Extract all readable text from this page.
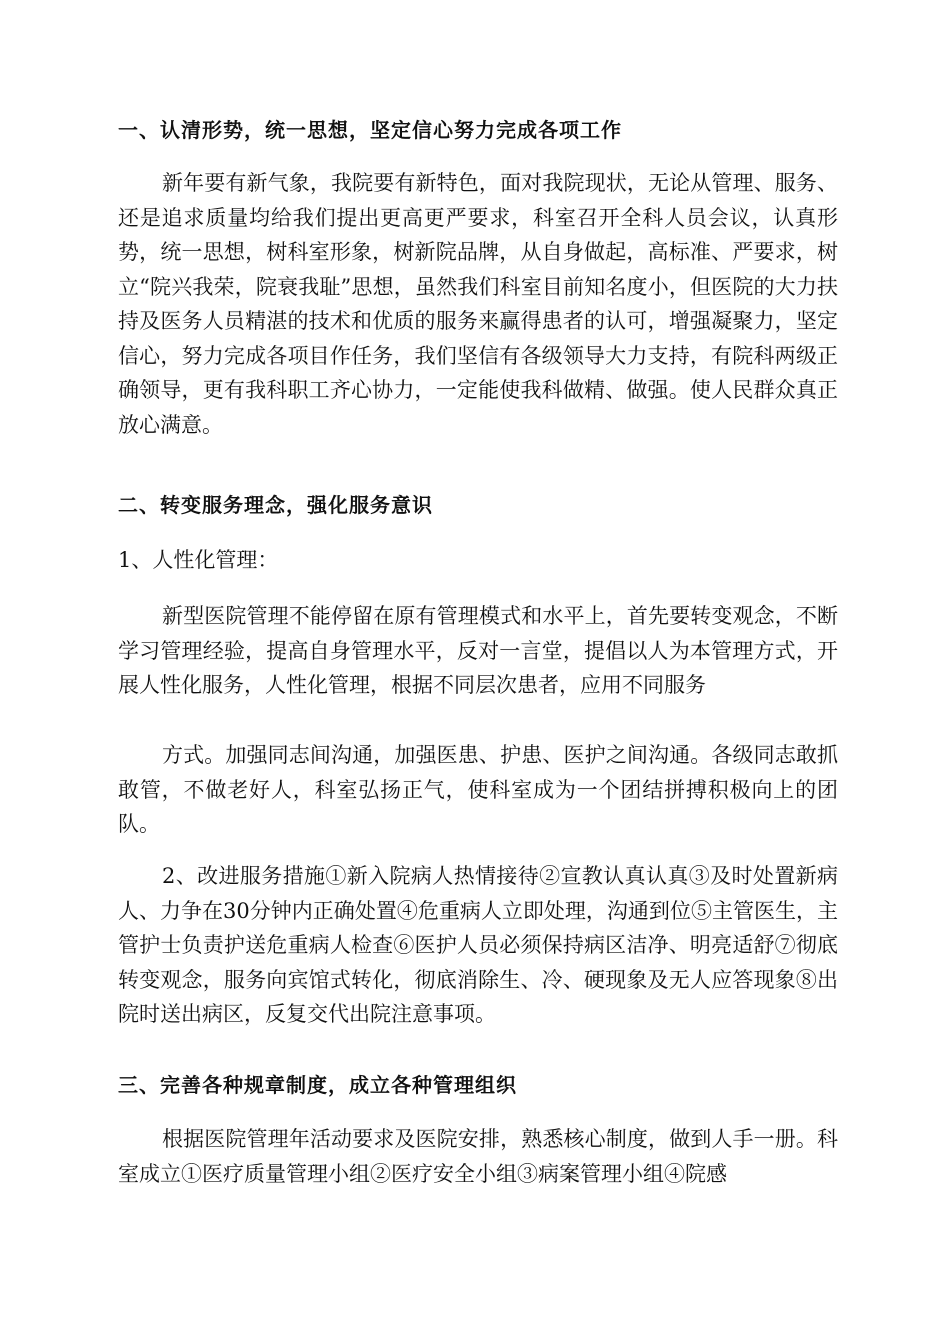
一、认清形势，统一思想，坚定信心努力完成各项工作
新年要有新气象，我院要有新特色，面对我院现状，无论从管理、服务、还是追求质量均给我们提出更高更严要求，科室召开全科人员会议，认真形势，统一思想，树科室形象，树新院品牌，从自身做起，高标准、严要求，树立“院兴我荣，院衰我耻”思想，虽然我们科室目前知名度小，但医院的大力扶持及医务人员精湛的技术和优质的服务来赢得患者的认可，增强凝聚力，坚定信心，努力完成各项目作任务，我们坚信有各级领导大力支持，有院科两级正确领导，更有我科职工齐心协力，一定能使我科做精、做强。使人民群众真正放心满意。
二、转变服务理念，强化服务意识
1、人性化管理：
新型医院管理不能停留在原有管理模式和水平上，首先要转变观念，不断学习管理经验，提高自身管理水平，反对一言堂，提倡以人为本管理方式，开展人性化服务，人性化管理，根据不同层次患者，应用不同服务
方式。加强同志间沟通，加强医患、护患、医护之间沟通。各级同志敢抓敢管，不做老好人，科室弘扬正气，使科室成为一个团结拼搏积极向上的团队。
2、改进服务措施①新入院病人热情接待②宣教认真认真③及时处置新病人、力争在30分钟内正确处置④危重病人立即处理，沟通到位⑤主管医生，主管护士负责护送危重病人检查⑥医护人员必须保持病区洁净、明亮适舒⑦彻底转变观念，服务向宾馆式转化，彻底消除生、冷、硬现象及无人应答现象⑧出院时送出病区，反复交代出院注意事项。
三、完善各种规章制度，成立各种管理组织
根据医院管理年活动要求及医院安排，熟悉核心制度，做到人手一册。科室成立①医疗质量管理小组②医疗安全小组③病案管理小组④院感
